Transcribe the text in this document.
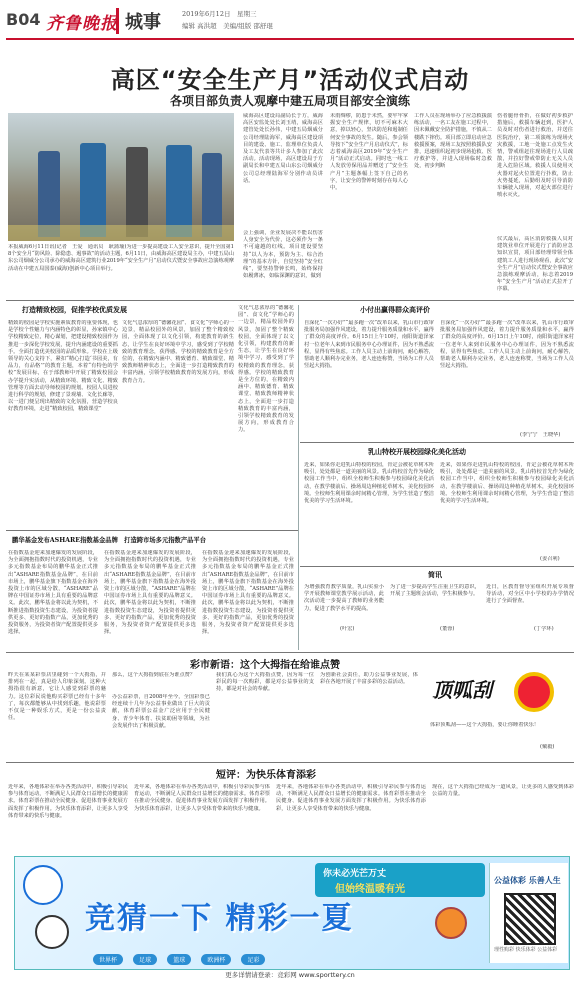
B04 齐鲁晚报 城事	2019年6月12日　星期三
编辑 高洪超　美编/组版 邵舒琨
高区“安全生产月”活动仪式启动
各项目部负责人观摩中建五局项目部安全演练
本报威海6月11日讯(记者　王爱　通讯员　耿蒲瑜)为进一步提高建设工人安全意识，提升全国第18个安全月“防风险、除隐患、遏事故”的活动主题，6月11日，由威海高区建设局主办，中建五局山东公司烟威分公司承办的威海高区建筑行业2019年“安全生产月”启动仪式暨安全事故应急演练观摩活动在中建五局国泰(威海)创新中心项目举行。
威海高区建设局副局长于方，威海高区安监处处长刘玉靖，威海高区建管处处长孙伟，中建五局烟威分公司经理陆海军，威海高区建设项目的建设、施工、监理单位负责人及工友代表等共计多人参加了此次活动。活动现场，高区建设局于方副局长和中建五局山东公司烟威分公司总经理陆海军分别作动员讲话。
会上强调，企业发展决不能以伤害人身安全为代价，这必须作为一条不可逾越的红线。项目建设要坚持“以人为本，预防为主、综合治理”的基本方针，自觉坚持“安全红线”，要坚持警钟长鸣，始终保持如履薄冰，如临深渊的意识，做到
未雨绸缪，防患于未然，要牢牢掌握安全生产规律，切不可麻木大意，掉以轻心，坚决防范和遏制任何安全事故的发生。随后，参会领导按下“安全生产月启动仪式”，标志着威海高区2019年“安全生产月”活动正式启动。同时也一线工人发放劳保用品并赠送了“安全生产月”主题条幅上签下自己的名字，让安全的警钟时刻存在每人心中。
工作人员在现场举办了应急救援演练活动，一名工友在施工过程中，因未佩戴安全防护措施，不慎从二楼跌下摔伤。项目部立即启动应急救援预案，现场工友按照救援队安排，迅速组织起初步现场抢救、医疗救护等，并进入现场临时急救处，初步判断
伤者腿骨骨折，在做好初步救护措施后，救援车辆赶到，医护人员及时对伤者进行救治，并送往医院治疗，第二项演练为现场火灾救援，工地一处施工点发生火情，警戒组赶往现场进行人员疏散，并拉好警戒带防止无关人员进入危险区域。救援人员使用灭火器对起火位置进行扑救，防止火势蔓延，后勤组及时引导消防车辆驶入现场，对起火部位进行喷水灭火。
仪式最后，高区消防救援人员对建筑业单位开展进行了消防应急知识宣贯，项目部经理带领全体建筑工人进行现场观看，此次“安全生产月”启动仪式暨安全事故应急演练观摩活动，标志着2019年“安全生产月”活动正式拉开了序幕。
打造精致校园，促推学校优质发展
精致的校园是学校实施素质教育的重要体现，也是学校个性魅力与内涵特色的彰显，孙家镇中心学校精致定位，精心谋划，把建设精致校园作为推进一步深化学校发展，提升内涵建设的重要抓手。全面打造优美校园的品质形象。学校在上级领导的关心支持下，紧扣“精心打造‘书园美，有品力，有品格’”的教育主题，本着“有特色的学校”发展目标，在于部教师中开展了精致校园会办学提升实活动，从精致环境、精致文化、精致管理等方面去动导师校园的规划。校园人员进校进行科学的规划，修建了景观墙、文化长廊等，以一进门便呈现出精致的文化氛围，营造学校良好教育环境，走进“精致校园，精致课堂”
文化气息浓厚的“德馨花园”、食文化“学师心的一边景，精品校园外的风景，加固了整个精致校园，全面体现了以文化引领，构建教育的新生态，让学生在良好环境中学习，感受到了学校精致的教育理念，获得感。学校的精致教育是全方位的，在精致内涵中、精致德育、精致课堂、精致教师精神状态上，全面进一步打造精致教育的丰富内涵，引领学校精致教育的发展方向，形成教育合力。
文化气息浓厚的“德馨花园”、食文化“学师心的一边景，精品校园外的风景，加固了整个精致校园，全面体现了以文化引领，构建教育的新生态，让学生在良好环境中学习，感受到了学校精致的教育理念，获得感。学校的精致教育是全方位的，在精致内涵中、精致德育、精致课堂、精致教师精神状态上，全面进一步打造精致教育的丰富内涵，引领学校精致教育的发展方向，形成教育合力。
小付出赢得群众高评价
自深化“一次办好”“最多跑一次”改革以来，乳山市行政审批服务局加强作风建设，着力提升服务质量和水平，赢得了群众的高度评价。6月15日上午10时，南阳街道泽家村一位老年人来到市民服务中心办理证件，因为不熟悉流程，显得有些焦虑。工作人员主动上前询问，耐心解答，帮助老人顺利办完业务，老人连连称赞，当场为工作人员竖起大拇指。
自深化“一次办好”“最多跑一次”改革以来，乳山市行政审批服务局加强作风建设，着力提升服务质量和水平，赢得了群众的高度评价。6月15日上午10时，南阳街道泽家村一位老年人来到市民服务中心办理证件，因为不熟悉流程，显得有些焦虑。工作人员主动上前询问，耐心解答，帮助老人顺利办完业务，老人连连称赞，当场为工作人员竖起大拇指。
(李宁宁　王晓华)
乳山特校开展校园绿化美化活动
近来，如果你走进乳山特校的校园，肯定会被花草树木所吸引，处处都是一道美丽的风景。乳山特校首先作为绿化校园工作当中，组织全校师生积极参与校园绿化美化活动，在教学楼前后、操场周边种植花草树木，美化校园环境。全校师生利用课余时间精心管理，为学生营造了整洁优美的学习生活环境。
近来，如果你走进乳山特校的校园，肯定会被花草树木所吸引，处处都是一道美丽的风景。乳山特校首先作为绿化校园工作当中，组织全校师生积极参与校园绿化美化活动，在教学楼前后、操场周边种植花草树木，美化校园环境。全校师生利用课余时间精心管理，为学生营造了整洁优美的学习生活环境。
(姜召利)
简讯
为增强教育教学质量，乳山实验小学开展教师课堂教学展示活动，此次活动进一步提高了教师的业务能力，促进了教学水平的提高。
为了进一步提高学生注重卫生的意识，开展了主题班会活动，学生积极参与。
近日，区教育督导室组织开展专项督导活动，对全区中小学校的办学情况进行了全面督查。
(叶宏)	(董蓉)	(丁学环)
鹏华基金发布ASHARE指数基金品牌　打造跨市场多元指数产品平台
在指数基金迎来加速爆发的发展阶段，为全面拥抱指数时代的投资机遇，专业多元指数基金布局的鹏华基金正式推出“ASHARE指数基金品牌”，在目前市场上，鹏华基金旗下指数基金在海外投资上市的区域分散，“ASHARE”品牌在中国证券市场上具有重要的品牌意义。此次，鹏华基金将以此为契机，不断推进指数投资生态建设，为投资者提供更多、更好的指数产品，更加优秀的投资服务，为投资者资产配置提供更多选择。
在指数基金迎来加速爆发的发展阶段，为全面拥抱指数时代的投资机遇，专业多元指数基金布局的鹏华基金正式推出“ASHARE指数基金品牌”，在目前市场上，鹏华基金旗下指数基金在海外投资上市的区域分散，“ASHARE”品牌在中国证券市场上具有重要的品牌意义。此次，鹏华基金将以此为契机，不断推进指数投资生态建设，为投资者提供更多、更好的指数产品，更加优秀的投资服务，为投资者资产配置提供更多选择。
在指数基金迎来加速爆发的发展阶段，为全面拥抱指数时代的投资机遇，专业多元指数基金布局的鹏华基金正式推出“ASHARE指数基金品牌”，在目前市场上，鹏华基金旗下指数基金在海外投资上市的区域分散，“ASHARE”品牌在中国证券市场上具有重要的品牌意义。此次，鹏华基金将以此为契机，不断推进指数投资生态建设，为投资者提供更多、更好的指数产品，更加优秀的投资服务，为投资者资产配置提供更多选择。
彩市新语：这个大拇指在给谁点赞
昨天在某某彩票店里碰到一个大拇指，并排列在一起，真是给人印象深刻。这种大拇指很有新意，它让人感觉到彩票的魅力。这位彩民说他购买彩票已经有十多年了，每次都能够从中找到乐趣，他说彩票不仅是一种娱乐方式，更是一份公益责任。
那么，这个大拇指到底在为谁点赞？
办公益彩票，自2008年至今，全国彩票已经连续十几年为公益事业做出了巨大的贡献，体育彩票公益金广泛应用于全民健身、青少年体育、扶贫助困等领域，为社会发展作出了积极贡献。
我们真心为这个大拇指点赞，因为每一位彩民的每一次购彩，都是对公益事业的支持，都是对社会的奉献。
为创新社会责任，助力公益事业发展，体彩在各地开展了丰富多彩的公益活动。	顶呱刮
体彩顶呱刮——这个大拇指，要让你睡着快乐！
(戴毅)
短评：为快乐体育添彩
近年来，各地体彩在举办各类活动中，积极引导彩民参与体育运动，不断满足人民群众日益增长的健康需求。体育彩票在推动全民健身、促进体育事业发展方面发挥了积极作用。为快乐体育添彩，让更多人享受体育带来的快乐与健康。
近年来，各地体彩在举办各类活动中，积极引导彩民参与体育运动，不断满足人民群众日益增长的健康需求。体育彩票在推动全民健身、促进体育事业发展方面发挥了积极作用。为快乐体育添彩，让更多人享受体育带来的快乐与健康。
近年来，各地体彩在举办各类活动中，积极引导彩民参与体育运动，不断满足人民群众日益增长的健康需求。体育彩票在推动全民健身、促进体育事业发展方面发挥了积极作用。为快乐体育添彩，让更多人享受体育带来的快乐与健康。
现在，这个大拇指已经成为一道风景，让更多的人感受到体彩公益的力量。
你未必光芒万丈
但始终温暖有光
竞猜一下 精彩一夏
世界杯	足球	篮球	欧洲杯	足彩
公益体彩 乐善人生
理性购彩 快乐体彩 公益体彩
更多详情请登录：竞彩网 www.sporttery.cn
